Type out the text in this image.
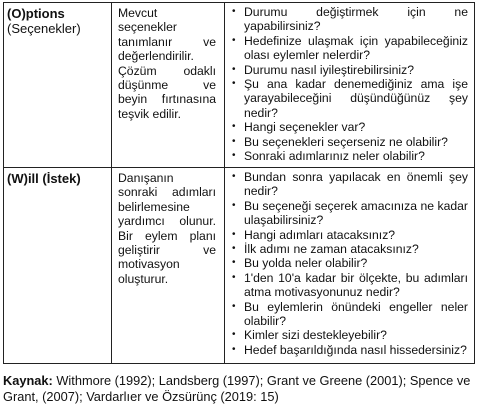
(O)ptions
(Seçenekler)
Mevcut seçenekler tanımlanır ve değerlendirilir. Çözüm odaklı düşünme ve beyin fırtınasına teşvik edilir.
• Durumu değiştirmek için ne yapabilirsiniz?
• Hedefinize ulaşmak için yapabileceğiniz olası eylemler nelerdir?
• Durumu nasıl iyileştirebilirsiniz?
• Şu ana kadar denemediğiniz ama işe yarayabileceğini düşündüğünüz şey nedir?
• Hangi seçenekler var?
• Bu seçenekleri seçerseniz ne olabilir?
• Sonraki adımlarınız neler olabilir?
(W)ill (İstek)	Danışanın sonraki adımları belirlemesine yardımcı olunur. Bir eylem planı geliştirir ve motivasyon oluşturur.
• Bundan sonra yapılacak en önemli şey nedir?
• Bu seçeneği seçerek amacınıza ne kadar ulaşabilirsiniz?
• Hangi adımları atacaksınız?
• İlk adımı ne zaman atacaksınız?
• Bu yolda neler olabilir?
• 1'den 10'a kadar bir ölçekte, bu adımları atma motivasyonunuz nedir?
• Bu eylemlerin önündeki engeller neler olabilir?
• Kimler sizi destekleyebilir?
• Hedef başarıldığında nasıl hissedersiniz?
Kaynak: Withmore (1992); Landsberg (1997); Grant ve Greene (2001); Spence ve Grant, (2007); Vardarlıer ve Özsürünç (2019: 15)
